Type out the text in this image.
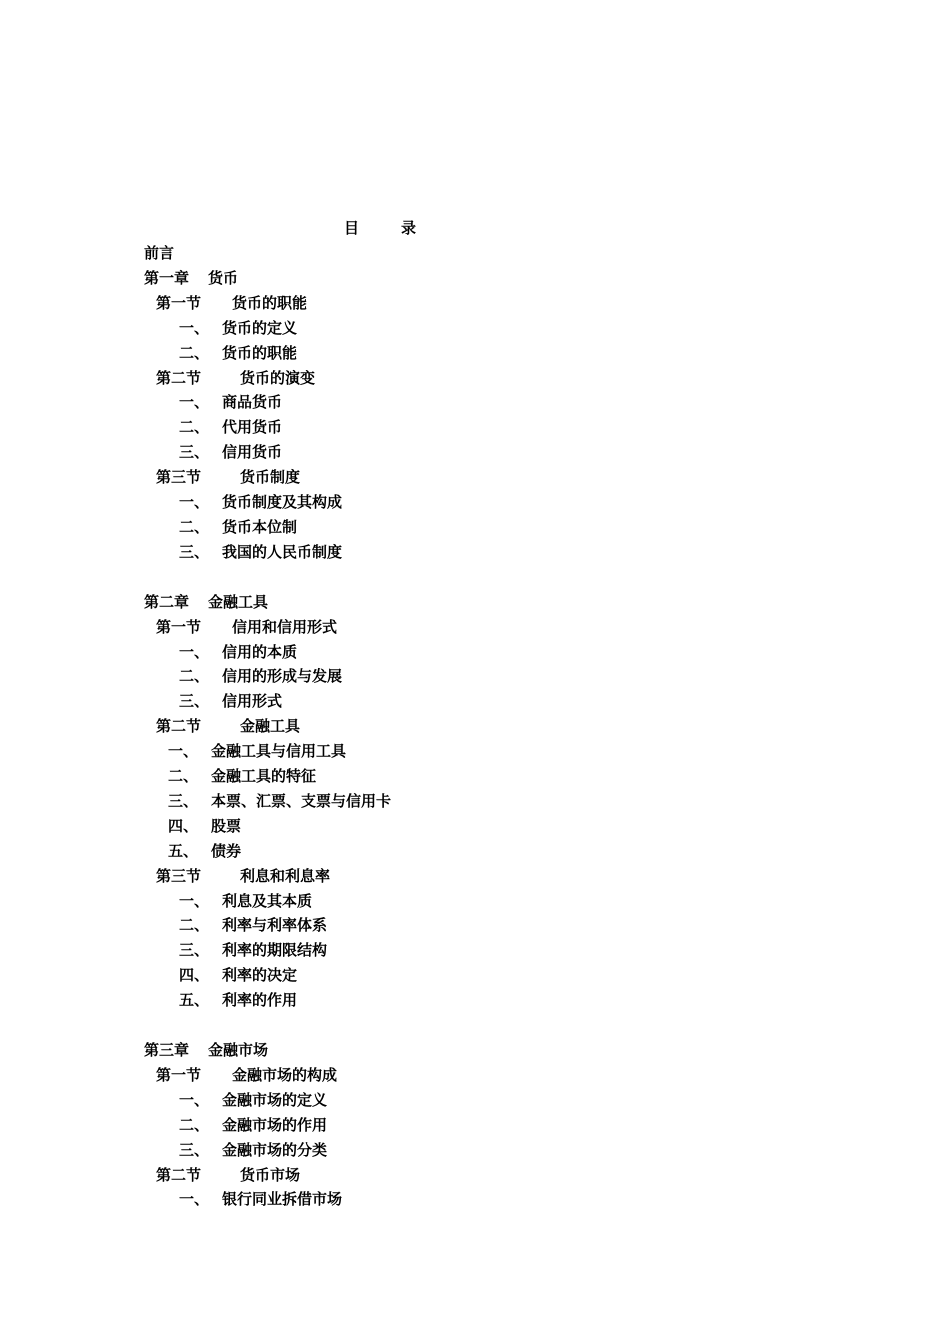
目	录
前言
第一章 货币
第一节 货币的职能
一、 货币的定义
二、 货币的职能
第二节	货币的演变
一、 商品货币
二、 代用货币
三、 信用货币
第三节	货币制度
一、 货币制度及其构成
二、 货币本位制
三、 我国的人民币制度
第二章 金融工具
第一节 信用和信用形式
一、 信用的本质
二、 信用的形成与发展
三、 信用形式
第二节	金融工具
一、 金融工具与信用工具
二、 金融工具的特征
三、 本票、汇票、支票与信用卡
四、 股票
五、 债券
第三节	利息和利息率
一、 利息及其本质
二、 利率与利率体系
三、 利率的期限结构
四、 利率的决定
五、 利率的作用
第三章 金融市场
第一节 金融市场的构成
一、 金融市场的定义
二、 金融市场的作用
三、 金融市场的分类
第二节	货币市场
一、 银行同业拆借市场
